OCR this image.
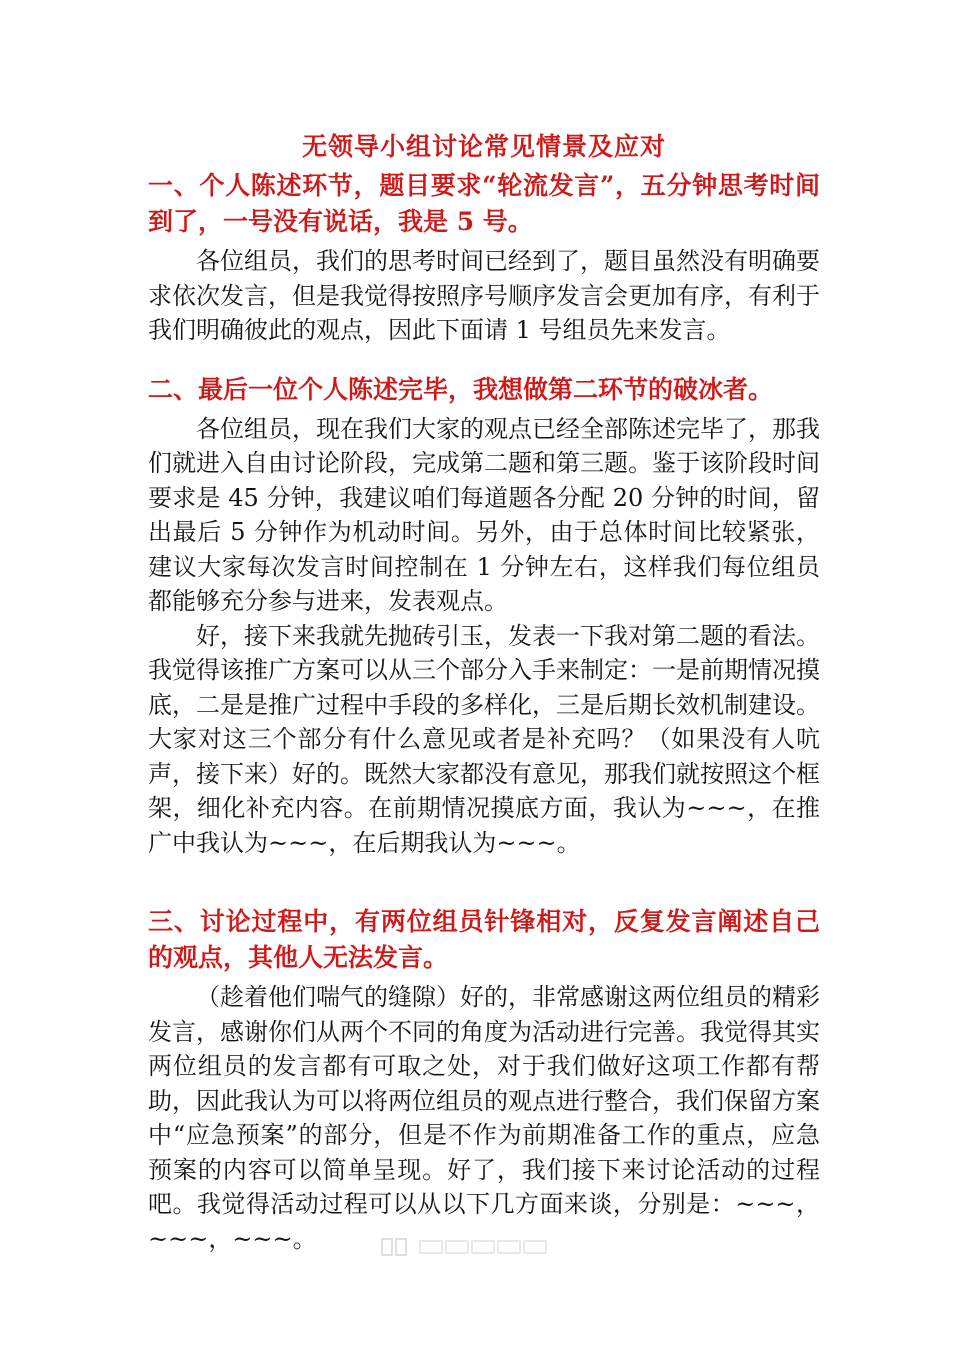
无领导小组讨论常见情景及应对
一、个人陈述环节，题目要求“轮流发言”，五分钟思考时间到了，一号没有说话，我是 5 号。

各位组员，我们的思考时间已经到了，题目虽然没有明确要求依次发言，但是我觉得按照序号顺序发言会更加有序，有利于我们明确彼此的观点，因此下面请 1 号组员先来发言。

二、最后一位个人陈述完毕，我想做第二环节的破冰者。

各位组员，现在我们大家的观点已经全部陈述完毕了，那我们就进入自由讨论阶段，完成第二题和第三题。鉴于该阶段时间要求是 45 分钟，我建议咱们每道题各分配 20 分钟的时间，留出最后 5 分钟作为机动时间。另外，由于总体时间比较紧张，建议大家每次发言时间控制在 1 分钟左右，这样我们每位组员都能够充分参与进来，发表观点。

好，接下来我就先抛砖引玉，发表一下我对第二题的看法。我觉得该推广方案可以从三个部分入手来制定：一是前期情况摸底，二是是推广过程中手段的多样化，三是后期长效机制建设。大家对这三个部分有什么意见或者是补充吗？（如果没有人吭声，接下来）好的。既然大家都没有意见，那我们就按照这个框架，细化补充内容。在前期情况摸底方面，我认为~~~，在推广中我认为~~~，在后期我认为~~~。

三、讨论过程中，有两位组员针锋相对，反复发言阐述自己的观点，其他人无法发言。

（趁着他们喘气的缝隙）好的，非常感谢这两位组员的精彩发言，感谢你们从两个不同的角度为活动进行完善。我觉得其实两位组员的发言都有可取之处，对于我们做好这项工作都有帮助，因此我认为可以将两位组员的观点进行整合，我们保留方案中“应急预案”的部分，但是不作为前期准备工作的重点，应急预案的内容可以简单呈现。好了，我们接下来讨论活动的过程吧。我觉得活动过程可以从以下几方面来谈，分别是：~~~，~~~，~~~。
